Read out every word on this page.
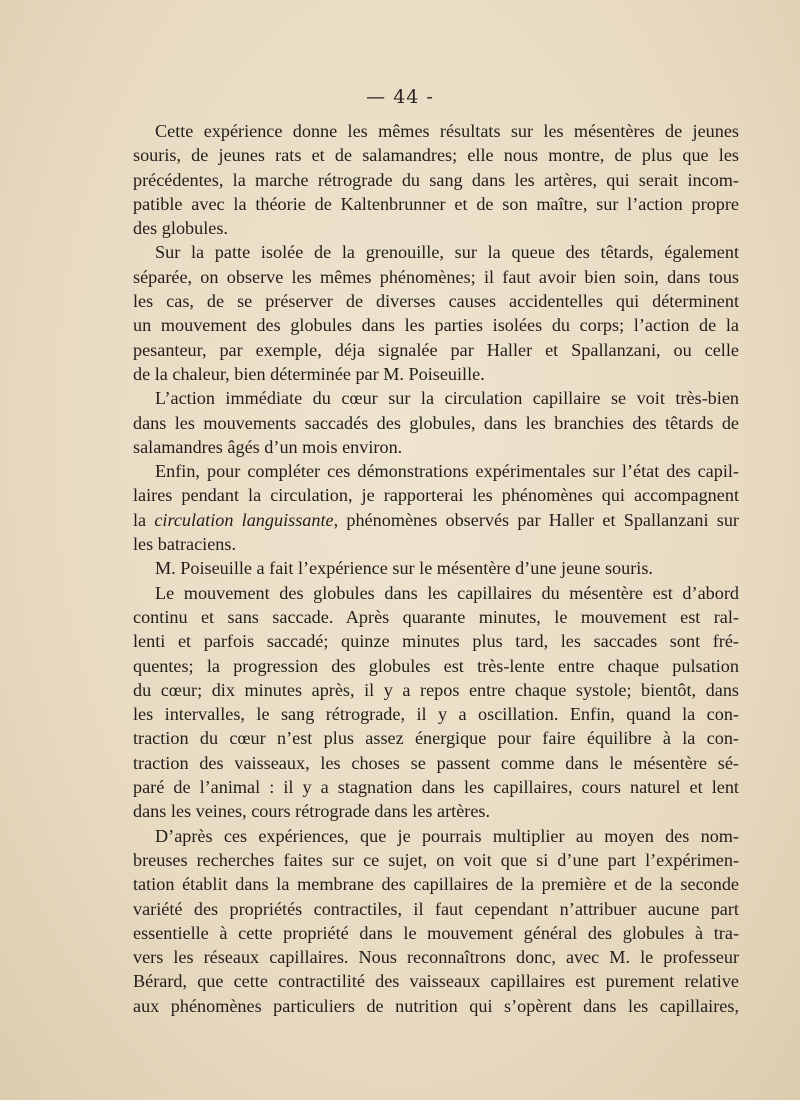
— 44 -
Cette expérience donne les mêmes résultats sur les mésentères de jeunes
souris, de jeunes rats et de salamandres; elle nous montre, de plus que les
précédentes, la marche rétrograde du sang dans les artères, qui serait incom-
patible avec la théorie de Kaltenbrunner et de son maître, sur l’action propre
des globules.
Sur la patte isolée de la grenouille, sur la queue des têtards, également
séparée, on observe les mêmes phénomènes; il faut avoir bien soin, dans tous
les cas, de se préserver de diverses causes accidentelles qui déterminent
un mouvement des globules dans les parties isolées du corps; l’action de la
pesanteur, par exemple, déja signalée par Haller et Spallanzani, ou celle
de la chaleur, bien déterminée par M. Poiseuille.
L’action immédiate du cœur sur la circulation capillaire se voit très-bien
dans les mouvements saccadés des globules, dans les branchies des têtards de
salamandres âgés d’un mois environ.
Enfin, pour compléter ces démonstrations expérimentales sur l’état des capil-
laires pendant la circulation, je rapporterai les phénomènes qui accompagnent
la circulation languissante, phénomènes observés par Haller et Spallanzani sur
les batraciens.
M. Poiseuille a fait l’expérience sur le mésentère d’une jeune souris.
Le mouvement des globules dans les capillaires du mésentère est d’abord
continu et sans saccade. Après quarante minutes, le mouvement est ral-
lenti et parfois saccadé; quinze minutes plus tard, les saccades sont fré-
quentes; la progression des globules est très-lente entre chaque pulsation
du cœur; dix minutes après, il y a repos entre chaque systole; bientôt, dans
les intervalles, le sang rétrograde, il y a oscillation. Enfin, quand la con-
traction du cœur n’est plus assez énergique pour faire équilibre à la con-
traction des vaisseaux, les choses se passent comme dans le mésentère sé-
paré de l’animal : il y a stagnation dans les capillaires, cours naturel et lent
dans les veines, cours rétrograde dans les artères.
D’après ces expériences, que je pourrais multiplier au moyen des nom-
breuses recherches faites sur ce sujet, on voit que si d’une part l’expérimen-
tation établit dans la membrane des capillaires de la première et de la seconde
variété des propriétés contractiles, il faut cependant n’attribuer aucune part
essentielle à cette propriété dans le mouvement général des globules à tra-
vers les réseaux capillaires. Nous reconnaîtrons donc, avec M. le professeur
Bérard, que cette contractilité des vaisseaux capillaires est purement relative
aux phénomènes particuliers de nutrition qui s’opèrent dans les capillaires,
